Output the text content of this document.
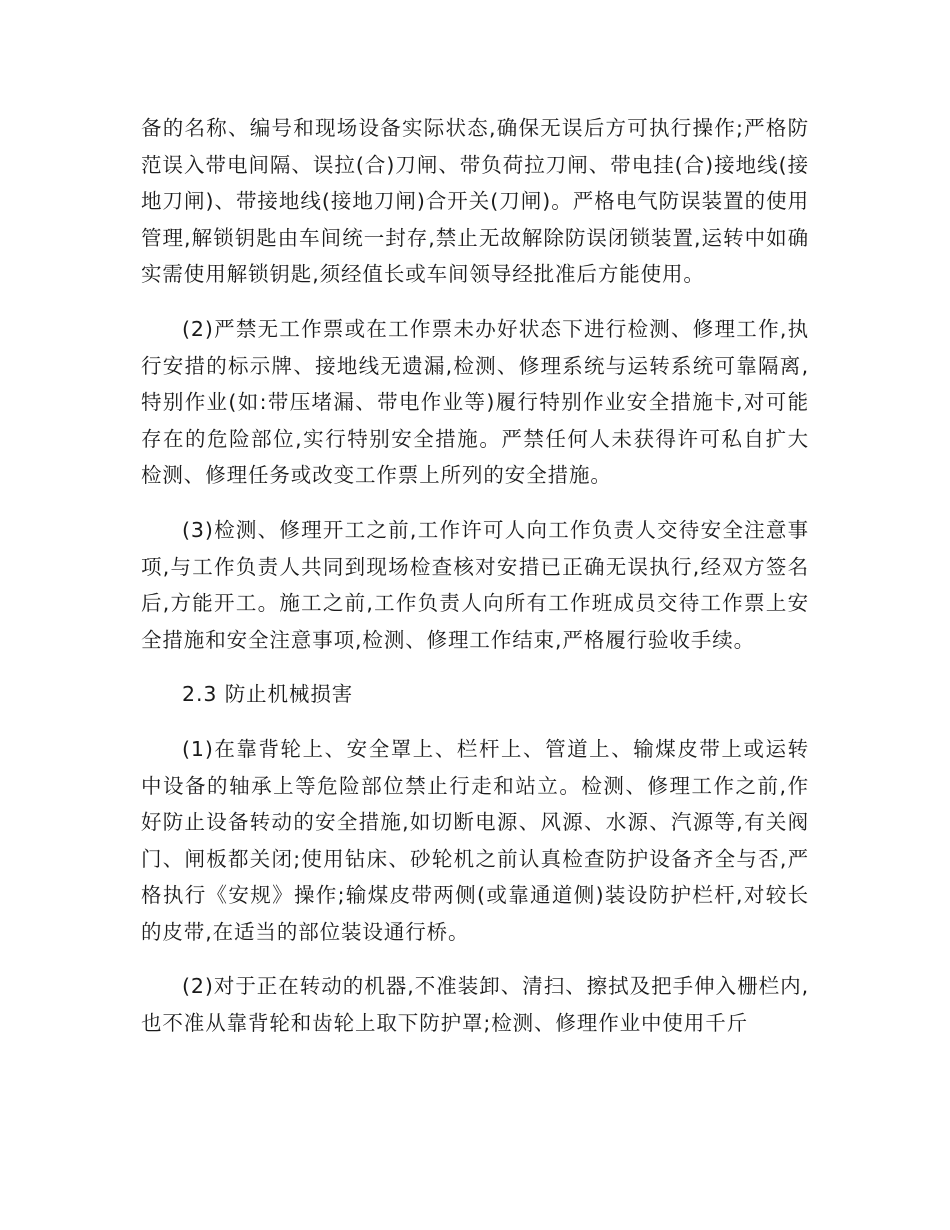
备的名称、编号和现场设备实际状态,确保无误后方可执行操作;严格防范误入带电间隔、误拉(合)刀闸、带负荷拉刀闸、带电挂(合)接地线(接地刀闸)、带接地线(接地刀闸)合开关(刀闸)。严格电气防误装置的使用管理,解锁钥匙由车间统一封存,禁止无故解除防误闭锁装置,运转中如确实需使用解锁钥匙,须经值长或车间领导经批准后方能使用。

(2)严禁无工作票或在工作票未办好状态下进行检测、修理工作,执行安措的标示牌、接地线无遗漏,检测、修理系统与运转系统可靠隔离,特别作业(如:带压堵漏、带电作业等)履行特别作业安全措施卡,对可能存在的危险部位,实行特别安全措施。严禁任何人未获得许可私自扩大检测、修理任务或改变工作票上所列的安全措施。

(3)检测、修理开工之前,工作许可人向工作负责人交待安全注意事项,与工作负责人共同到现场检查核对安措已正确无误执行,经双方签名后,方能开工。施工之前,工作负责人向所有工作班成员交待工作票上安全措施和安全注意事项,检测、修理工作结束,严格履行验收手续。

2.3 防止机械损害

(1)在靠背轮上、安全罩上、栏杆上、管道上、输煤皮带上或运转中设备的轴承上等危险部位禁止行走和站立。检测、修理工作之前,作好防止设备转动的安全措施,如切断电源、风源、水源、汽源等,有关阀门、闸板都关闭;使用钻床、砂轮机之前认真检查防护设备齐全与否,严格执行《安规》操作;输煤皮带两侧(或靠通道侧)装设防护栏杆,对较长的皮带,在适当的部位装设通行桥。

(2)对于正在转动的机器,不准装卸、清扫、擦拭及把手伸入栅栏内,也不准从靠背轮和齿轮上取下防护罩;检测、修理作业中使用千斤
